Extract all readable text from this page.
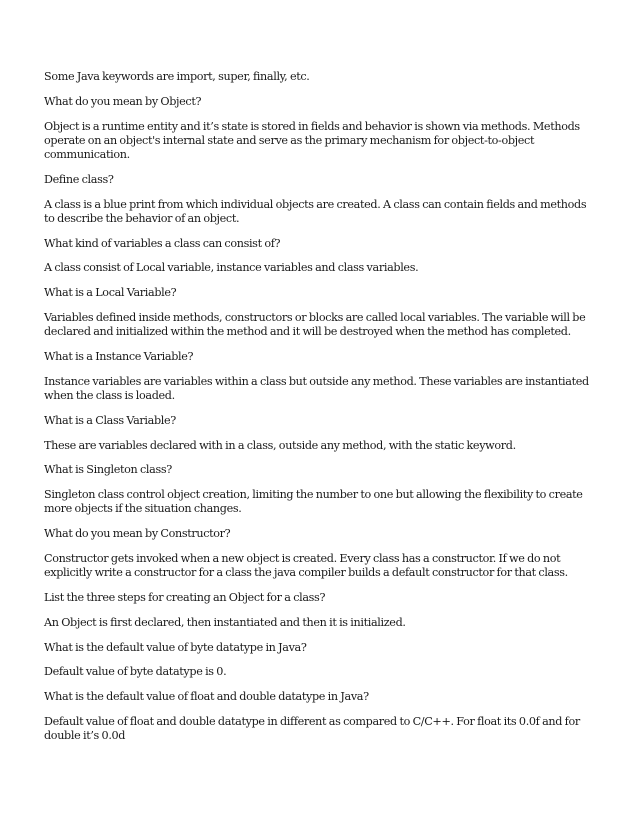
Some Java keywords are import, super, finally, etc.

What do you mean by Object?

Object is a runtime entity and it’s state is stored in fields and behavior is shown via methods. Methods operate on an object's internal state and serve as the primary mechanism for object-to-object communication.

Define class?

A class is a blue print from which individual objects are created. A class can contain fields and methods to describe the behavior of an object.

What kind of variables a class can consist of?

A class consist of Local variable, instance variables and class variables.

What is a Local Variable?

Variables defined inside methods, constructors or blocks are called local variables. The variable will be declared and initialized within the method and it will be destroyed when the method has completed.

What is a Instance Variable?

Instance variables are variables within a class but outside any method. These variables are instantiated when the class is loaded.

What is a Class Variable?

These are variables declared with in a class, outside any method, with the static keyword.

What is Singleton class?

Singleton class control object creation, limiting the number to one but allowing the flexibility to create more objects if the situation changes.

What do you mean by Constructor?

Constructor gets invoked when a new object is created. Every class has a constructor. If we do not explicitly write a constructor for a class the java compiler builds a default constructor for that class.

List the three steps for creating an Object for a class?

An Object is first declared, then instantiated and then it is initialized.

What is the default value of byte datatype in Java?

Default value of byte datatype is 0.

What is the default value of float and double datatype in Java?

Default value of float and double datatype in different as compared to C/C++. For float its 0.0f and for double it’s 0.0d
